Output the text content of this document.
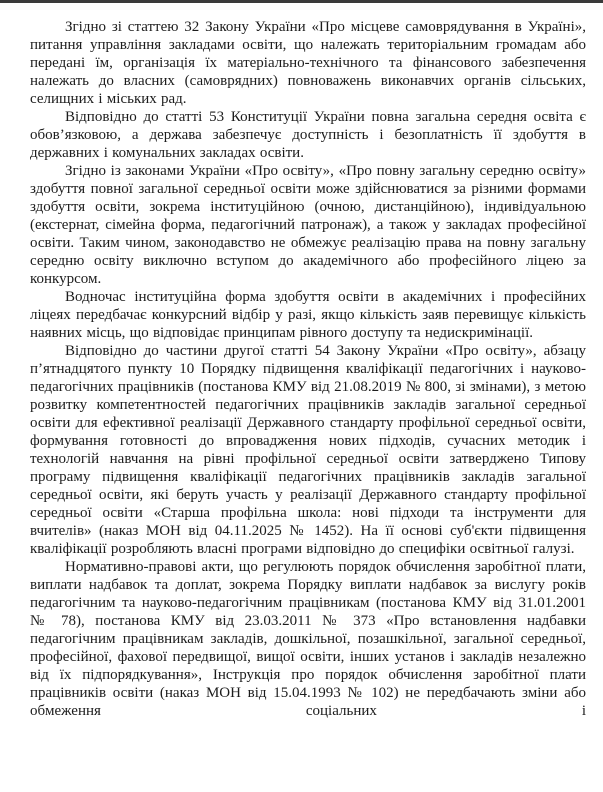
Згідно зі статтею 32 Закону України «Про місцеве самоврядування в Україні», питання управління закладами освіти, що належать територіальним громадам або передані їм, організація їх матеріально-технічного та фінансового забезпечення належать до власних (самоврядних) повноважень виконавчих органів сільських, селищних і міських рад.

Відповідно до статті 53 Конституції України повна загальна середня освіта є обов’язковою, а держава забезпечує доступність і безоплатність її здобуття в державних і комунальних закладах освіти.

Згідно із законами України «Про освіту», «Про повну загальну середню освіту» здобуття повної загальної середньої освіти може здійснюватися за різними формами здобуття освіти, зокрема інституційною (очною, дистанційною), індивідуальною (екстернат, сімейна форма, педагогічний патронаж), а також у закладах професійної освіти. Таким чином, законодавство не обмежує реалізацію права на повну загальну середню освіту виключно вступом до академічного або професійного ліцею за конкурсом.

Водночас інституційна форма здобуття освіти в академічних і професійних ліцеях передбачає конкурсний відбір у разі, якщо кількість заяв перевищує кількість наявних місць, що відповідає принципам рівного доступу та недискримінації.

Відповідно до частини другої статті 54 Закону України «Про освіту», абзацу п’ятнадцятого пункту 10 Порядку підвищення кваліфікації педагогічних і науково-педагогічних працівників (постанова КМУ від 21.08.2019 № 800, зі змінами), з метою розвитку компетентностей педагогічних працівників закладів загальної середньої освіти для ефективної реалізації Державного стандарту профільної середньої освіти, формування готовності до впровадження нових підходів, сучасних методик і технологій навчання на рівні профільної середньої освіти затверджено Типову програму підвищення кваліфікації педагогічних працівників закладів загальної середньої освіти, які беруть участь у реалізації Державного стандарту профільної середньої освіти «Старша профільна школа: нові підходи та інструменти для вчителів» (наказ МОН від 04.11.2025 № 1452). На її основі суб'єкти підвищення кваліфікації розробляють власні програми відповідно до специфіки освітньої галузі.

Нормативно-правові акти, що регулюють порядок обчислення заробітної плати, виплати надбавок та доплат, зокрема Порядку виплати надбавок за вислугу років педагогічним та науково-педагогічним працівникам (постанова КМУ від 31.01.2001 № 78), постанова КМУ від 23.03.2011 № 373 «Про встановлення надбавки педагогічним працівникам закладів, дошкільної, позашкільної, загальної середньої, професійної, фахової передвищої, вищої освіти, інших установ і закладів незалежно від їх підпорядкування», Інструкція про порядок обчислення заробітної плати працівників освіти (наказ МОН від 15.04.1993 № 102) не передбачають зміни або обмеження соціальних і
